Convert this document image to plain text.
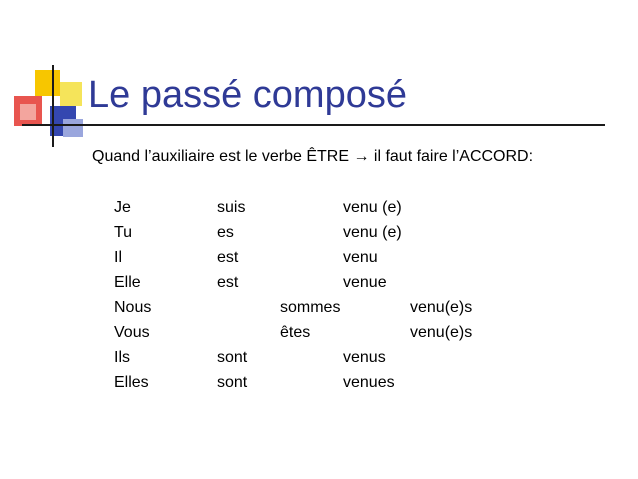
Le passé composé
Quand l’auxiliaire est le verbe ÊTRE → il faut faire l’ACCORD:
Je	suis	venu (e)
Tu	es	venu (e)
Il	est	venu
Elle	est	venue
Nous	sommes	venu(e)s
Vous	êtes	venu(e)s
Ils	sont	venus
Elles	sont	venues
